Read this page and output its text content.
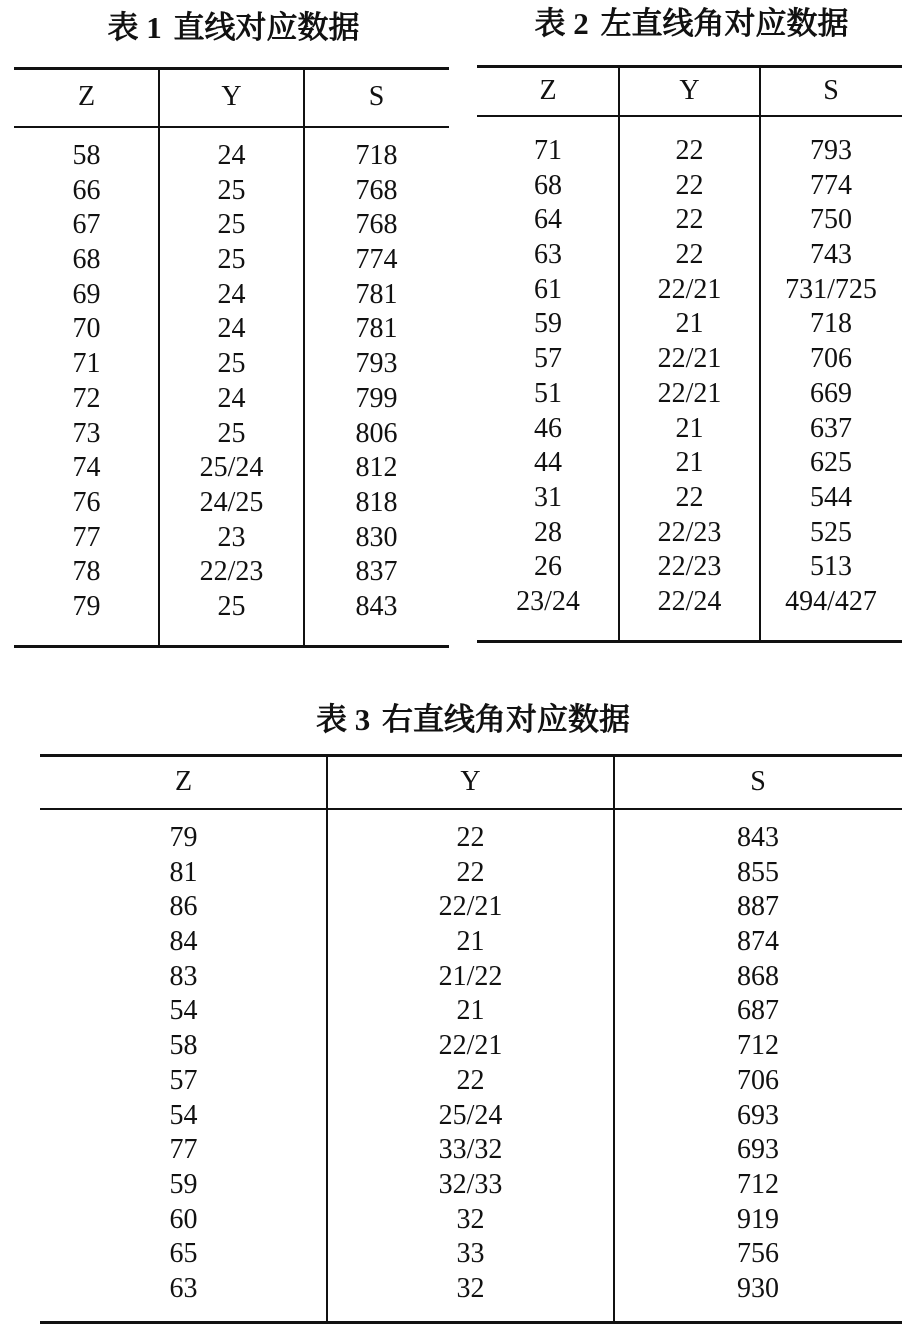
表 1 直线对应数据
Z	Y	S
58	24	718
66	25	768
67	25	768
68	25	774
69	24	781
70	24	781
71	25	793
72	24	799
73	25	806
74	25/24	812
76	24/25	818
77	23	830
78	22/23	837
79	25	843
表 2 左直线角对应数据
Z	Y	S
71	22	793
68	22	774
64	22	750
63	22	743
61	22/21	731/725
59	21	718
57	22/21	706
51	22/21	669
46	21	637
44	21	625
31	22	544
28	22/23	525
26	22/23	513
23/24	22/24	494/427
表 3 右直线角对应数据
Z	Y	S
79	22	843
81	22	855
86	22/21	887
84	21	874
83	21/22	868
54	21	687
58	22/21	712
57	22	706
54	25/24	693
77	33/32	693
59	32/33	712
60	32	919
65	33	756
63	32	930
